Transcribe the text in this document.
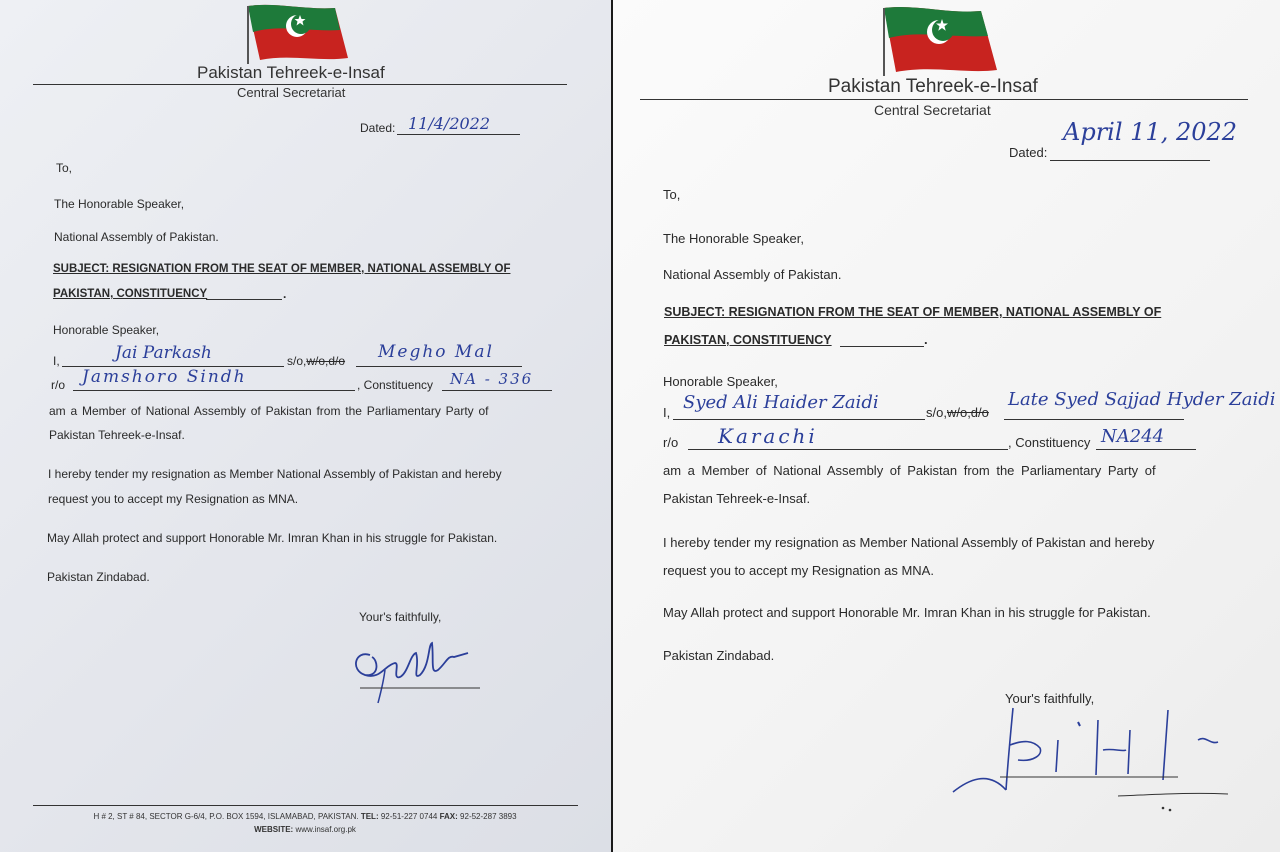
Pakistan Tehreek-e-Insaf
Central Secretariat
Dated: 11/4/2022
To,
The Honorable Speaker,
National Assembly of Pakistan.
SUBJECT: RESIGNATION FROM THE SEAT OF MEMBER, NATIONAL ASSEMBLY OF
PAKISTAN, CONSTITUENCY	.
Honorable Speaker,
I,	Jai Parkash	s/o,w/o,d/o Megho Mal
r/o Jamshoro Sindh	, Constituency NA - 336
am a Member of National Assembly of Pakistan from the Parliamentary Party of
Pakistan Tehreek-e-Insaf.
I hereby tender my resignation as Member National Assembly of Pakistan and hereby
request you to accept my Resignation as MNA.
May Allah protect and support Honorable Mr. Imran Khan in his struggle for Pakistan.
Pakistan Zindabad.
Your's faithfully,
H # 2, ST # 84, SECTOR G-6/4, P.O. BOX 1594, ISLAMABAD, PAKISTAN. TEL: 92-51-227 0744 FAX: 92-52-287 3893
WEBSITE: www.insaf.org.pk
Pakistan Tehreek-e-Insaf
Central Secretariat
Dated:
April 11, 2022
To,
The Honorable Speaker,
National Assembly of Pakistan.
SUBJECT: RESIGNATION FROM THE SEAT OF MEMBER, NATIONAL ASSEMBLY OF
PAKISTAN, CONSTITUENCY	.
Honorable Speaker,
I, Syed Ali Haider Zaidi	s/o,w/o,d/o
Late Syed Sajjad Hyder Zaidi
r/o Karachi	, Constituency NA244
am a Member of National Assembly of Pakistan from the Parliamentary Party of
Pakistan Tehreek-e-Insaf.
I hereby tender my resignation as Member National Assembly of Pakistan and hereby
request you to accept my Resignation as MNA.
May Allah protect and support Honorable Mr. Imran Khan in his struggle for Pakistan.
Pakistan Zindabad.
Your's faithfully,
